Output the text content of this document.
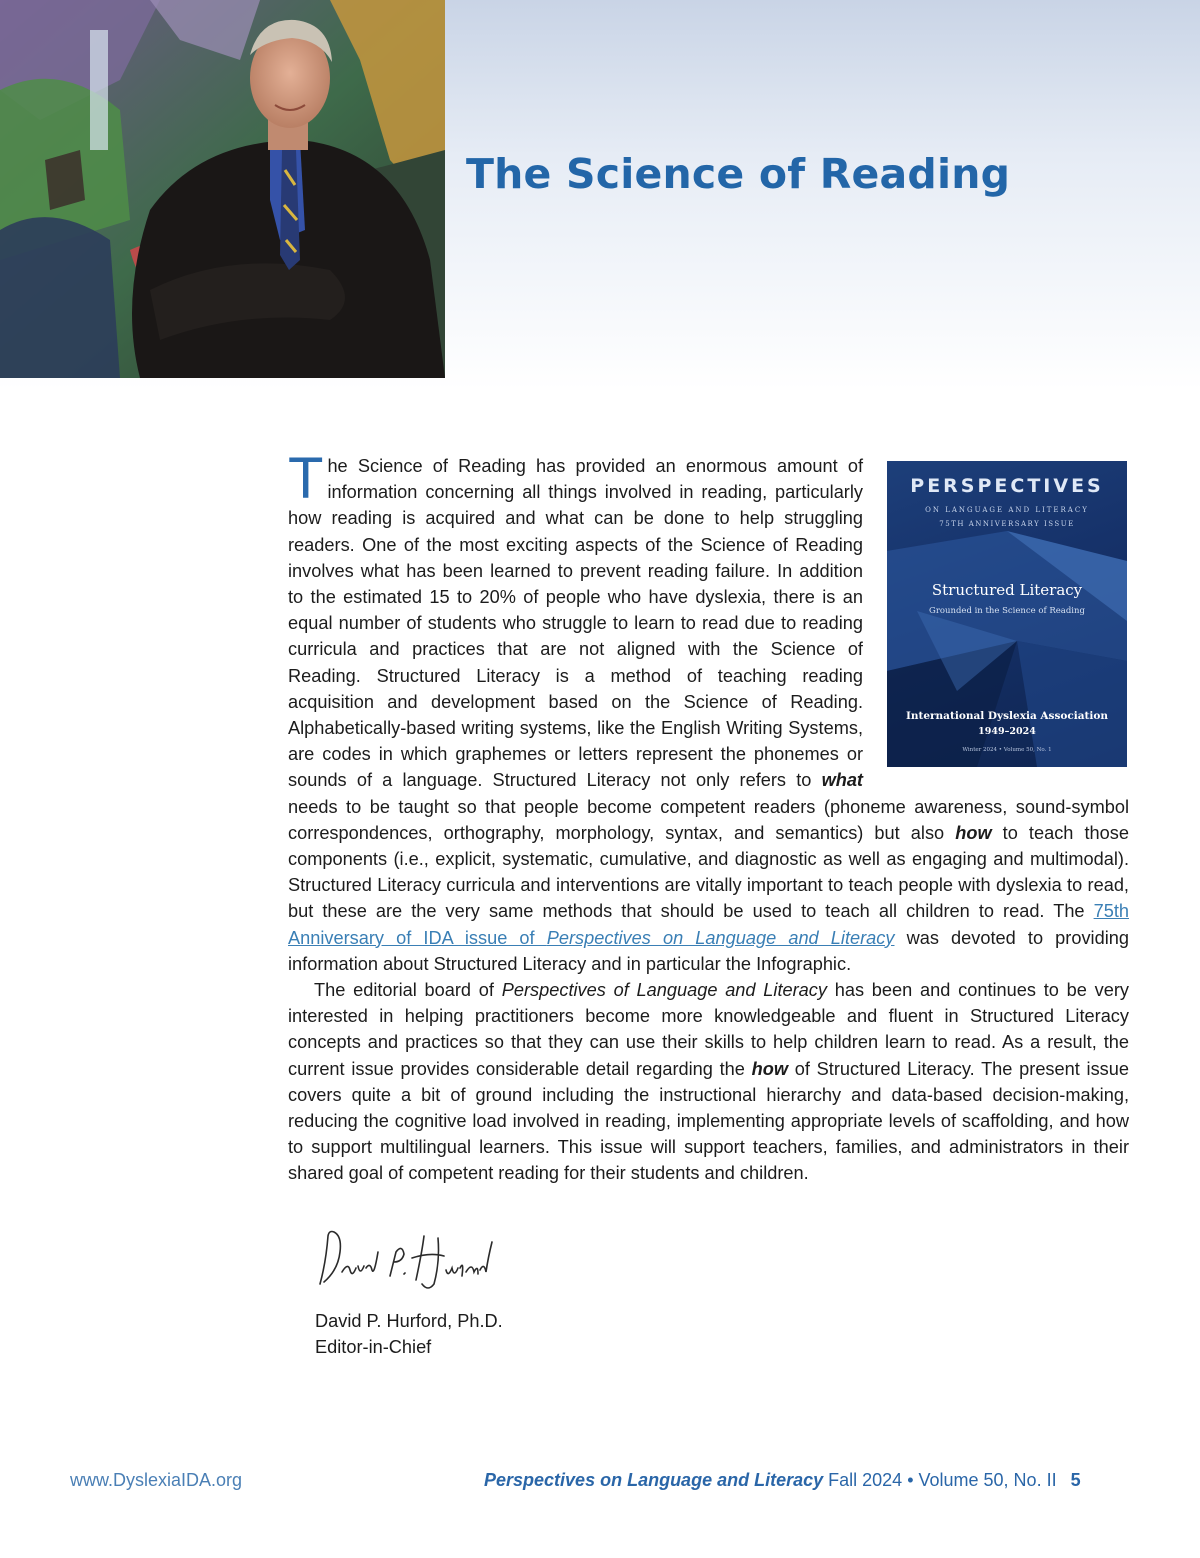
The Science of Reading
PERSPECTIVES
ON LANGUAGE AND LITERACY
75TH ANNIVERSARY ISSUE
Structured Literacy
Grounded in the Science of Reading
International Dyslexia Association
1949–2024
Winter 2024 • Volume 50, No. 1

The Science of Reading has provided an enormous amount of information concerning all things involved in reading, particularly how reading is acquired and what can be done to help struggling readers. One of the most exciting aspects of the Science of Reading involves what has been learned to prevent reading failure. In addition to the estimated 15 to 20% of people who have dyslexia, there is an equal number of students who struggle to learn to read due to reading curricula and practices that are not aligned with the Science of Reading. Structured Literacy is a method of teaching reading acquisition and development based on the Science of Reading. Alphabetically-based writing systems, like the English Writing Systems, are codes in which graphemes or letters represent the phonemes or sounds of a language. Structured Literacy not only refers to what needs to be taught so that people become competent readers (phoneme awareness, sound-symbol correspondences, orthography, morphology, syntax, and semantics) but also how to teach those components (i.e., explicit, systematic, cumulative, and diagnostic as well as engaging and multimodal). Structured Literacy curricula and interventions are vitally important to teach people with dyslexia to read, but these are the very same methods that should be used to teach all children to read. The 75th Anniversary of IDA issue of Perspectives on Language and Literacy was devoted to providing information about Structured Literacy and in particular the Infographic.

The editorial board of Perspectives of Language and Literacy has been and continues to be very interested in helping practitioners become more knowledgeable and fluent in Structured Literacy concepts and practices so that they can use their skills to help children learn to read. As a result, the current issue provides considerable detail regarding the how of Structured Literacy. The present issue covers quite a bit of ground including the instructional hierarchy and data-based decision-making, reducing the cognitive load involved in reading, implementing appropriate levels of scaffolding, and how to support multilingual learners. This issue will support teachers, families, and administrators in their shared goal of competent reading for their students and children.

David P. Hurford, Ph.D.
Editor-in-Chief
www.DyslexiaIDA.org	Perspectives on Language and Literacy Fall 2024 • Volume 50, No. II 5
